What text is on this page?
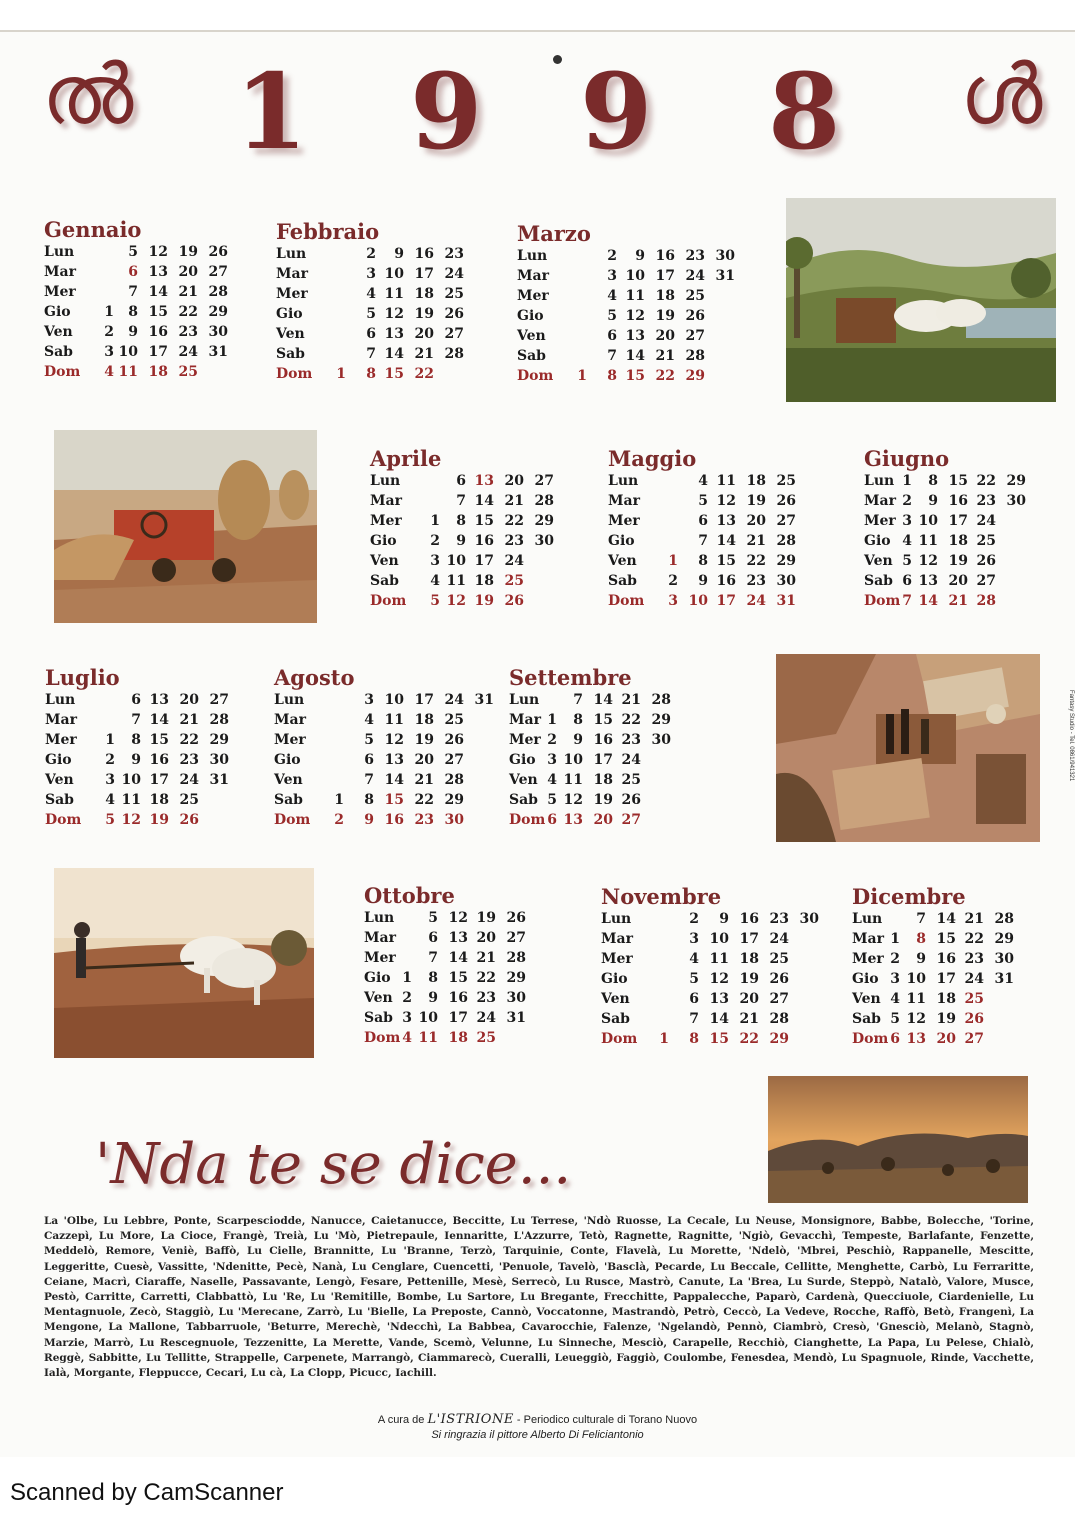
ൽ 1 9 9 8 ൾ
Gennaio
Lun	5 12 19 26
Mar	6 13 20 27
Mer	7 14 21 28
Gio	1	8 15 22 29
Ven	2	9 16 23 30
Sab	3 10 17 24 31
Dom	4 11 18 25
Febbraio
Lun	2	9 16 23
Mar	3 10 17 24
Mer	4 11 18 25
Gio	5 12 19 26
Ven	6 13 20 27
Sab	7 14 21 28
Dom	1	8 15 22
Marzo
Lun	2	9 16 23 30
Mar	3 10 17 24 31
Mer	4 11 18 25
Gio	5 12 19 26
Ven	6 13 20 27
Sab	7 14 21 28
Dom	1	8 15 22 29
Aprile
Lun	6 13 20 27
Mar	7 14 21 28
Mer	1	8 15 22 29
Gio	2	9 16 23 30
Ven	3 10 17 24
Sab	4 11 18 25
Dom	5 12 19 26
Maggio
Lun	4 11 18 25
Mar	5 12 19 26
Mer	6 13 20 27
Gio	7 14 21 28
Ven	1	8 15 22 29
Sab	2	9 16 23 30
Dom	3 10 17 24 31
Giugno
Lun 1	8 15 22 29
Mar 2	9 16 23 30
Mer 3 10 17 24
Gio 4 11 18 25
Ven 5 12 19 26
Sab 6 13 20 27
Dom 7 14 21 28
Luglio
Lun	6 13 20 27
Mar	7 14 21 28
Mer	1	8 15 22 29
Gio	2	9 16 23 30
Ven	3 10 17 24 31
Sab	4 11 18 25
Dom	5 12 19 26
Agosto
Lun	3 10 17 24 31
Mar	4 11 18 25
Mer	5 12 19 26
Gio	6 13 20 27
Ven	7 14 21 28
Sab	1	8 15 22 29
Dom	2	9 16 23 30
Settembre
Lun	7 14 21 28
Mar 1	8 15 22 29
Mer 2	9 16 23 30
Gio 3 10 17 24
Ven 4 11 18 25
Sab 5 12 19 26
Dom 6 13 20 27
Ottobre
Lun	5 12 19 26
Mar	6 13 20 27
Mer	7 14 21 28
Gio 1	8 15 22 29
Ven 2	9 16 23 30
Sab 3 10 17 24 31
Dom 4 11 18 25
Novembre
Lun	2	9 16 23 30
Mar	3 10 17 24
Mer	4 11 18 25
Gio	5 12 19 26
Ven	6 13 20 27
Sab	7 14 21 28
Dom	1	8 15 22 29
Dicembre
Lun	7 14 21 28
Mar 1	8 15 22 29
Mer 2	9 16 23 30
Gio 3 10 17 24 31
Ven 4 11 18 25
Sab 5 12 19 26
Dom 6 13 20 27
'Nda te se dice...
La 'Olbe, Lu Lebbre, Ponte, Scarpesciodde, Nanucce, Caietanucce, Beccitte, Lu Terrese, 'Ndò Ruosse, La Cecale, Lu Neuse, Monsignore, Babbe, Bolecche, 'Torine, Cazzepì, Lu More, La Cioce, Frangè, Treià, Lu 'Mò, Pietrepaule, Iennaritte, L'Azzurre, Tetò, Ragnette, Ragnitte, 'Ngiò, Gevacchì, Tempeste, Barlafante, Fenzette, Meddelò, Remore, Veniè, Baffò, Lu Cielle, Brannitte, Lu 'Branne, Terzò, Tarquinie, Conte, Flavelà, Lu Morette, 'Ndelò, 'Mbrei, Peschiò, Rappanelle, Mescitte, Leggeritte, Cuesè, Vassitte, 'Ndenitte, Pecè, Nanà, Lu Cenglare, Cuencetti, 'Penuole, Tavelò, 'Basclà, Pecarde, Lu Beccale, Cellitte, Menghette, Carbò, Lu Ferraritte, Ceiane, Macrì, Ciaraffe, Naselle, Passavante, Lengò, Fesare, Pettenille, Mesè, Serrecò, Lu Rusce, Mastrò, Canute, La 'Brea, Lu Surde, Steppò, Natalò, Valore, Musce, Pestò, Carritte, Carretti, Clabbattò, Lu 'Re, Lu 'Remitille, Bombe, Lu Sartore, Lu Bregante, Frecchitte, Pappalecche, Paparò, Cardenà, Quecciuole, Ciardenielle, Lu Mentagnuole, Zecò, Staggiò, Lu 'Merecane, Zarrò, Lu 'Bielle, La Preposte, Cannò, Voccatonne, Mastrandò, Petrò, Ceccò, La Vedeve, Rocche, Raffò, Betò, Frangenì, La Mengone, La Mallone, Tabbarruole, 'Beturre, Merechè, 'Ndecchì, La Babbea, Cavarocchie, Falenze, 'Ngelandò, Pennò, Ciambrò, Cresò, 'Gnesciò, Melanò, Stagnò, Marzie, Marrò, Lu Rescegnuole, Tezzenitte, La Merette, Vande, Scemò, Velunne, Lu Sinneche, Mesciò, Carapelle, Recchiò, Cianghette, La Papa, Lu Pelese, Chialò, Reggè, Sabbitte, Lu Tellitte, Strappelle, Carpenete, Marrangò, Ciammarecò, Cueralli, Leueggiò, Faggiò, Coulombe, Fenesdea, Mendò, Lu Spagnuole, Rinde, Vacchette, Ialà, Morgante, Fleppucce, Cecari, Lu cà, La Clopp, Picucc, Iachill.
A cura de L'ISTRIONE - Periodico culturale di Torano Nuovo
Si ringrazia il pittore Alberto Di Feliciantonio
Fantasy Studio - Tel. 0861/941321
Scanned by CamScanner
